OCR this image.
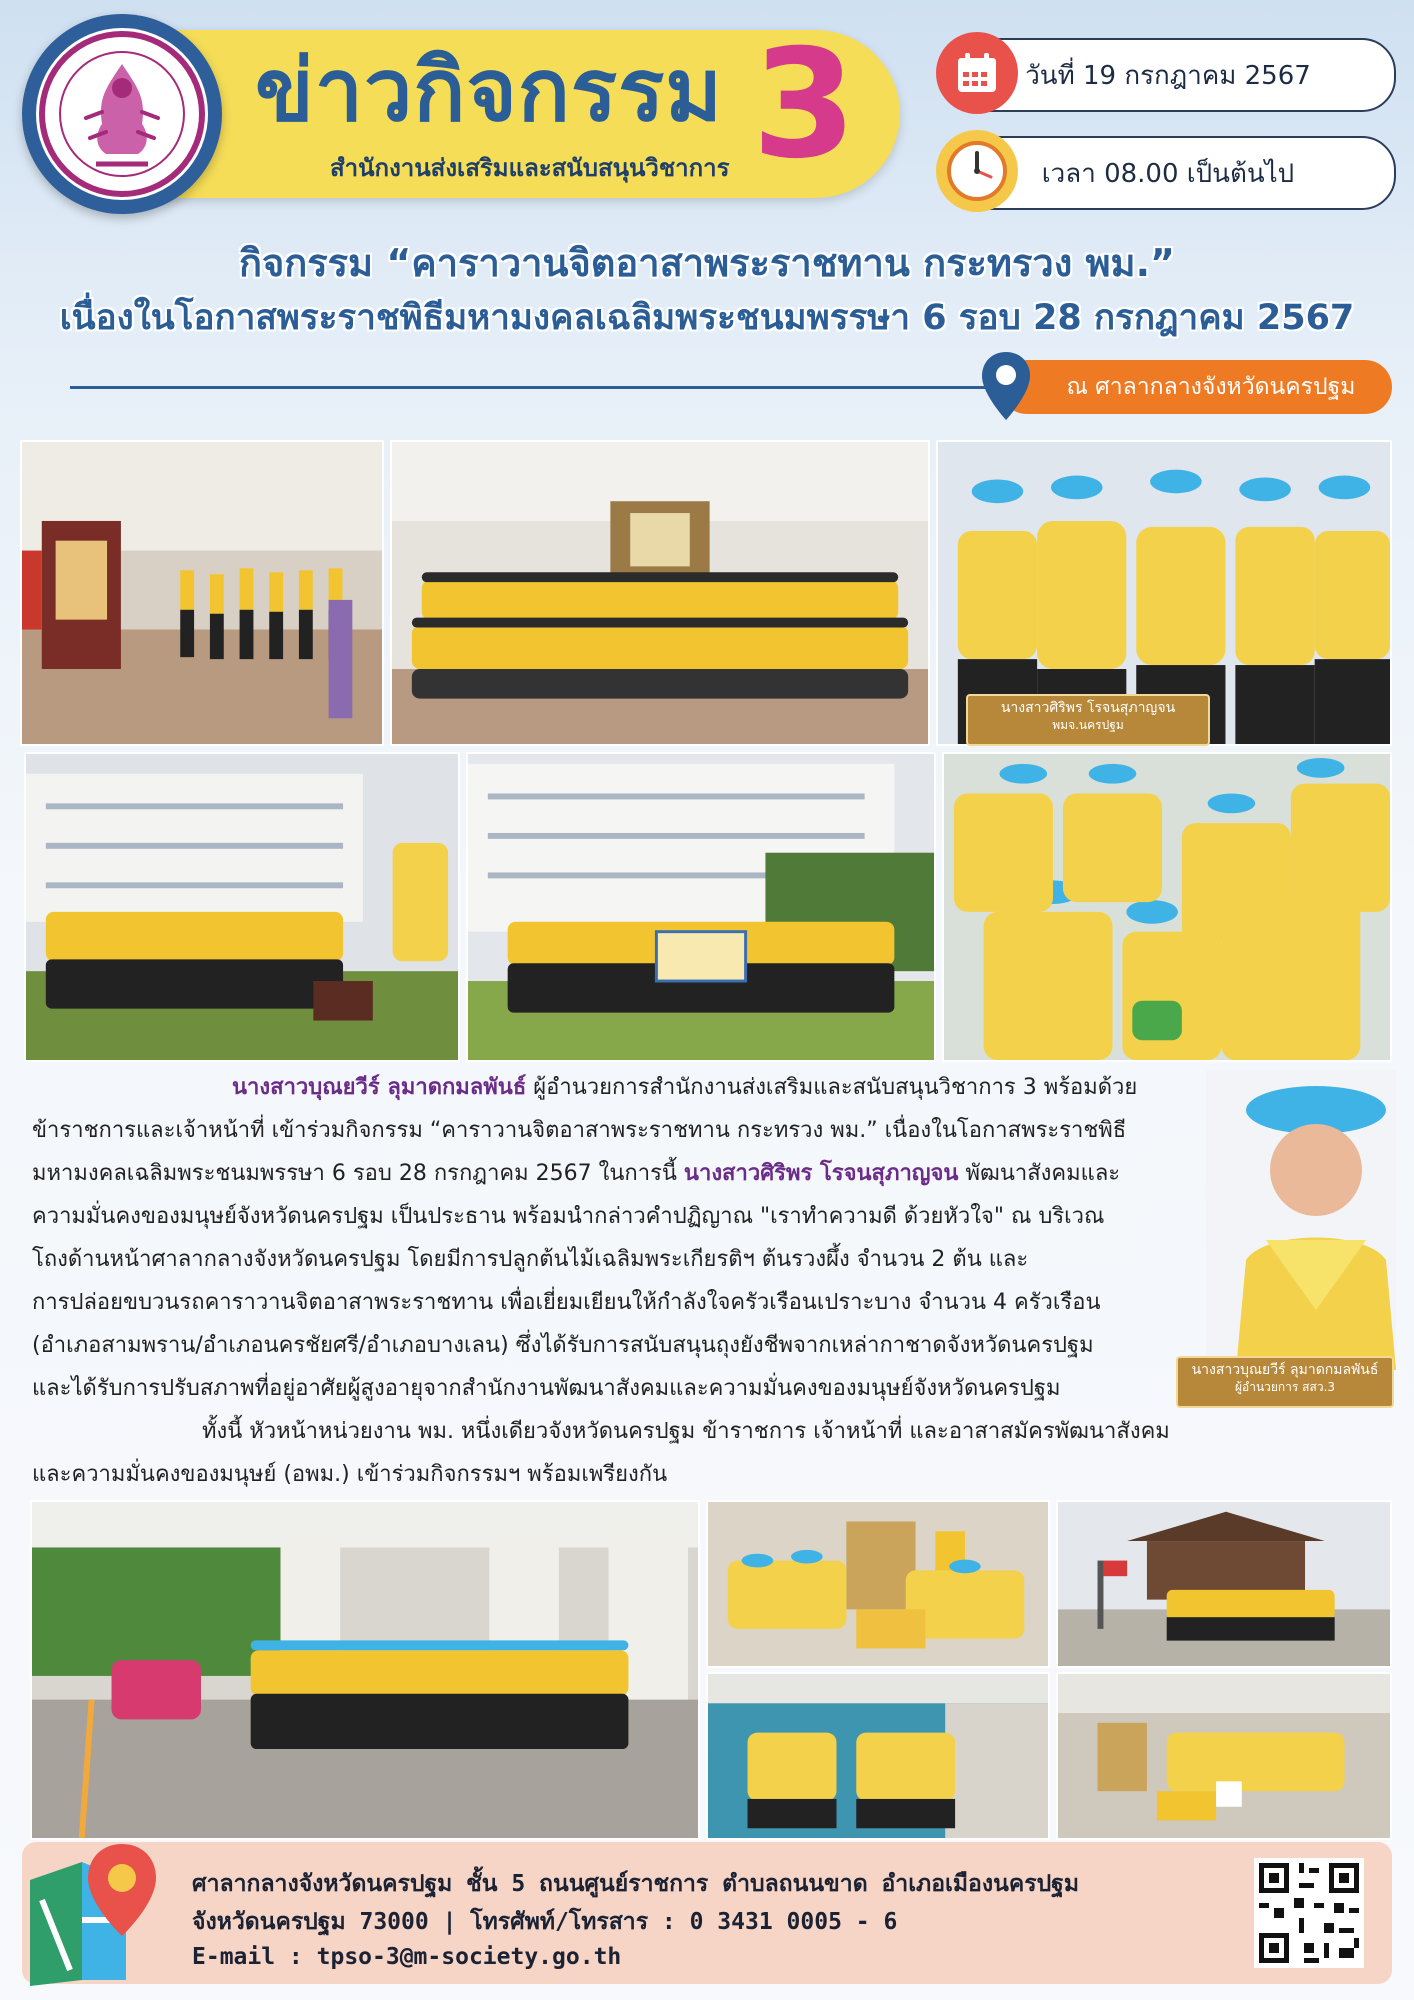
ข่าวกิจกรรม 3
สำนักงานส่งเสริมและสนับสนุนวิชาการ
วันที่ 19 กรกฎาคม 2567
เวลา 08.00 เป็นต้นไป
กิจกรรม “คาราวานจิตอาสาพระราชทาน กระทรวง พม.”
เนื่องในโอกาสพระราชพิธีมหามงคลเฉลิมพระชนมพรรษา 6 รอบ 28 กรกฎาคม 2567
ณ ศาลากลางจังหวัดนครปฐม
นางสาวศิริพร โรจนสุภาญจน
พมจ.นครปฐม

นางสาวบุณยวีร์ ลุมาดกมลพันธ์ ผู้อำนวยการสำนักงานส่งเสริมและสนับสนุนวิชาการ 3 พร้อมด้วย

ข้าราชการและเจ้าหน้าที่ เข้าร่วมกิจกรรม “คาราวานจิตอาสาพระราชทาน กระทรวง พม.” เนื่องในโอกาสพระราชพิธี

มหามงคลเฉลิมพระชนมพรรษา 6 รอบ 28 กรกฎาคม 2567 ในการนี้ นางสาวศิริพร โรจนสุภาญจน พัฒนาสังคมและ

ความมั่นคงของมนุษย์จังหวัดนครปฐม เป็นประธาน พร้อมนำกล่าวคำปฏิญาณ "เราทำความดี ด้วยหัวใจ" ณ บริเวณ

โถงด้านหน้าศาลากลางจังหวัดนครปฐม โดยมีการปลูกต้นไม้เฉลิมพระเกียรติฯ ต้นรวงผึ้ง จำนวน 2 ต้น และ

การปล่อยขบวนรถคาราวานจิตอาสาพระราชทาน เพื่อเยี่ยมเยียนให้กำลังใจครัวเรือนเปราะบาง จำนวน 4 ครัวเรือน

(อำเภอสามพราน/อำเภอนครชัยศรี/อำเภอบางเลน) ซึ่งได้รับการสนับสนุนถุงยังชีพจากเหล่ากาชาดจังหวัดนครปฐม

และได้รับการปรับสภาพที่อยู่อาศัยผู้สูงอายุจากสำนักงานพัฒนาสังคมและความมั่นคงของมนุษย์จังหวัดนครปฐม

ทั้งนี้ หัวหน้าหน่วยงาน พม. หนึ่งเดียวจังหวัดนครปฐม ข้าราชการ เจ้าหน้าที่ และอาสาสมัครพัฒนาสังคม

และความมั่นคงของมนุษย์ (อพม.) เข้าร่วมกิจกรรมฯ พร้อมเพรียงกัน

นางสาวบุณยวีร์ ลุมาดกมลพันธ์
ผู้อำนวยการ สสว.3
ศาลากลางจังหวัดนครปฐม ชั้น 5 ถนนศูนย์ราชการ ตำบลถนนขาด อำเภอเมืองนครปฐม
จังหวัดนครปฐม 73000 | โทรศัพท์/โทรสาร : 0 3431 0005 - 6
E-mail : tpso-3@m-society.go.th
